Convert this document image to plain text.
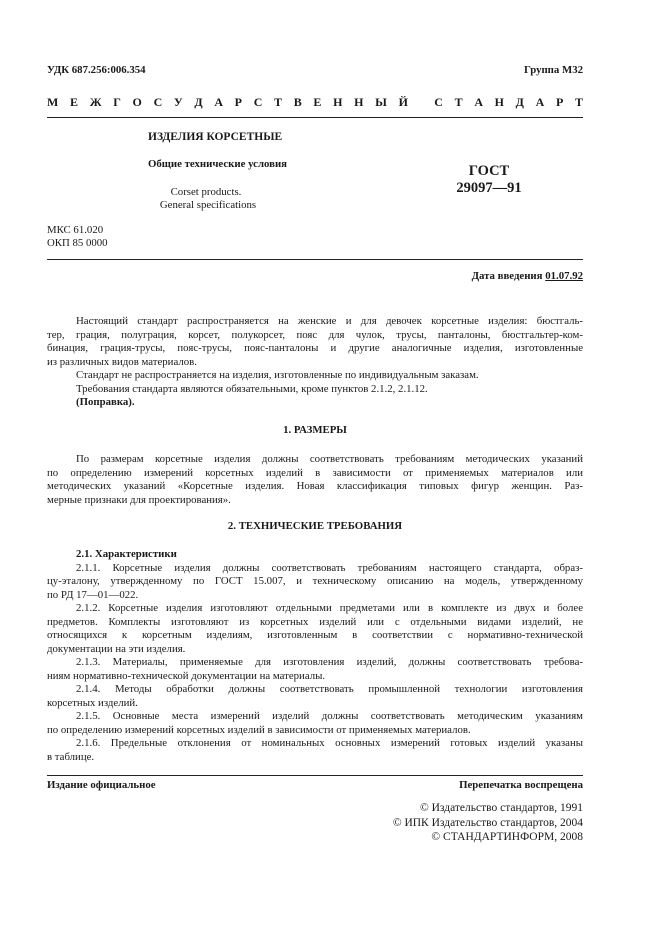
УДК 687.256:006.354	Группа М32
М Е Ж Г О С У Д А Р С Т В Е Н Н Ы Й
С Т А Н Д А Р Т
ИЗДЕЛИЯ КОРСЕТНЫЕ
Общие технические условия
Corset products.
General specifications
ГОСТ
29097—91
МКС 61.020
ОКП 85 0000
Дата введения 01.07.92
Настоящий стандарт распространяется на женские и для девочек корсетные изделия: бюстгаль-
тер, грация, полуграция, корсет, полукорсет, пояс для чулок, трусы, панталоны, бюстгальтер-ком-
бинация, грация-трусы, пояс-трусы, пояс-панталоны и другие аналогичные изделия, изготовленные
из различных видов материалов.
Стандарт не распространяется на изделия, изготовленные по индивидуальным заказам.
Требования стандарта являются обязательными, кроме пунктов 2.1.2, 2.1.12.
(Поправка).
1. РАЗМЕРЫ
По размерам корсетные изделия должны соответствовать требованиям методических указаний
по определению измерений корсетных изделий в зависимости от применяемых материалов или
методических указаний «Корсетные изделия. Новая классификация типовых фигур женщин. Раз-
мерные признаки для проектирования».
2. ТЕХНИЧЕСКИЕ ТРЕБОВАНИЯ
2.1. Характеристики
2.1.1. Корсетные изделия должны соответствовать требованиям настоящего стандарта, образ-
цу-эталону, утвержденному по ГОСТ 15.007, и техническому описанию на модель, утвержденному
по РД 17—01—022.
2.1.2. Корсетные изделия изготовляют отдельными предметами или в комплекте из двух и более
предметов. Комплекты изготовляют из корсетных изделий или с отдельными видами изделий, не
относящихся к корсетным изделиям, изготовленным в соответствии с нормативно-технической
документации на эти изделия.
2.1.3. Материалы, применяемые для изготовления изделий, должны соответствовать требова-
ниям нормативно-технической документации на материалы.
2.1.4. Методы обработки должны соответствовать промышленной технологии изготовления
корсетных изделий.
2.1.5. Основные места измерений изделий должны соответствовать методическим указаниям
по определению измерений корсетных изделий в зависимости от применяемых материалов.
2.1.6. Предельные отклонения от номинальных основных измерений готовых изделий указаны
в таблице.
Издание официальное	Перепечатка воспрещена
© Издательство стандартов, 1991
© ИПК Издательство стандартов, 2004
© СТАНДАРТИНФОРМ, 2008
